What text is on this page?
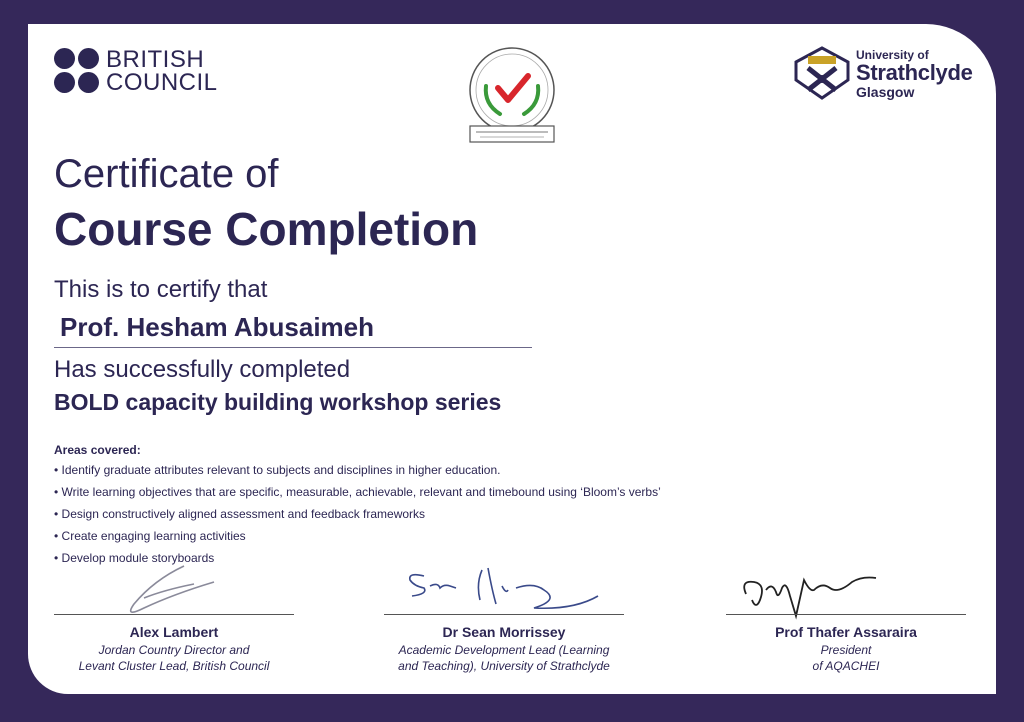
BRITISH
COUNCIL
University of
Strathclyde
Glasgow
Certificate of
Course Completion
This is to certify that
Prof. Hesham Abusaimeh
Has successfully completed
BOLD capacity building workshop series
Areas covered:
• Identify graduate attributes relevant to subjects and disciplines in higher education.
• Write learning objectives that are specific, measurable, achievable, relevant and timebound using ‘Bloom’s verbs’
• Design constructively aligned assessment and feedback frameworks
• Create engaging learning activities
• Develop module storyboards
Alex Lambert
Jordan Country Director and
Levant Cluster Lead, British Council
Dr Sean Morrissey
Academic Development Lead (Learning
and Teaching), University of Strathclyde
Prof Thafer Assaraira
President
of AQACHEI
